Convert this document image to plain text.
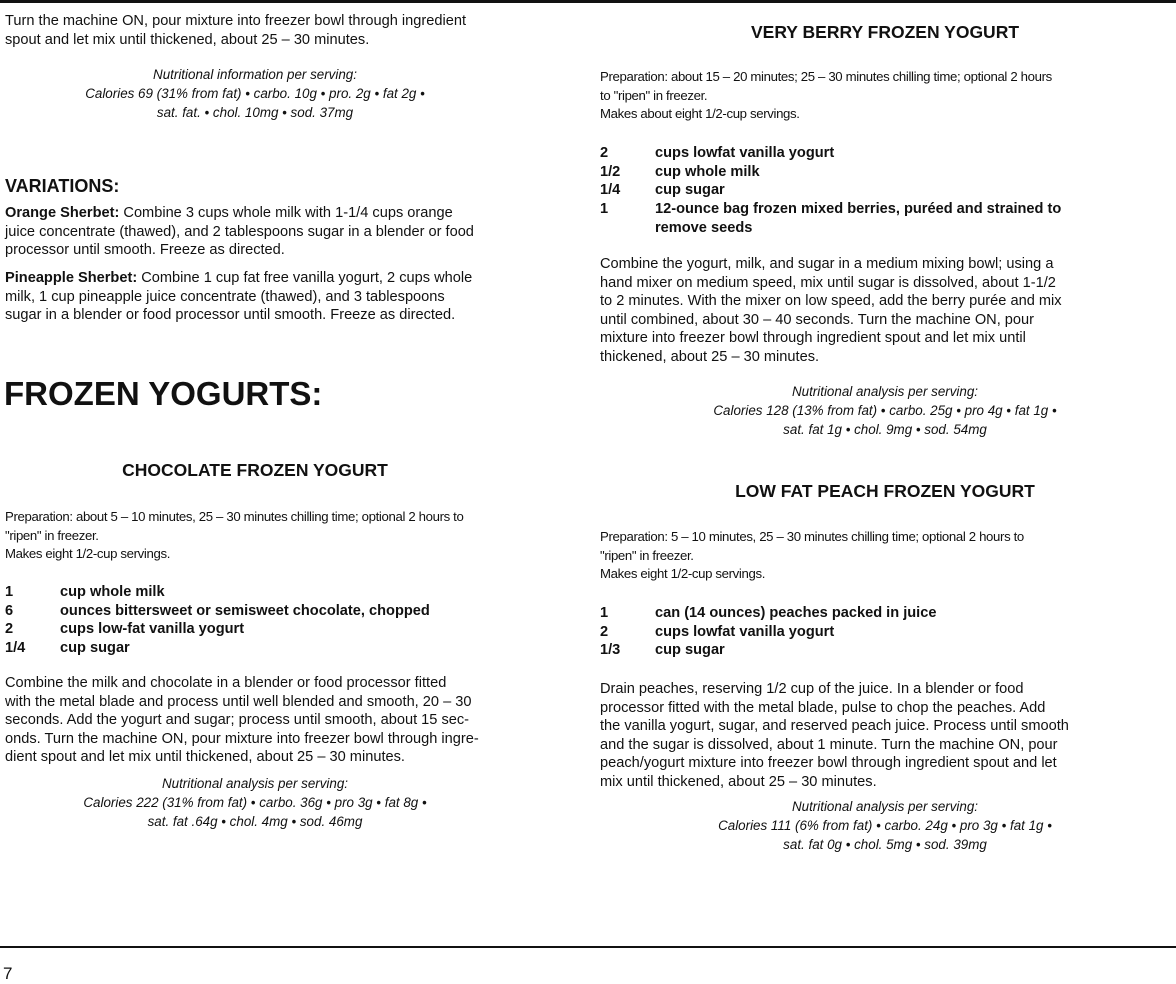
Turn the machine ON, pour mixture into freezer bowl through ingredient
spout and let mix until thickened, about 25 – 30 minutes.
Nutritional information per serving:
Calories 69 (31% from fat) • carbo. 10g • pro. 2g • fat 2g •
sat. fat. • chol. 10mg • sod. 37mg
VARIATIONS:
Orange Sherbet: Combine 3 cups whole milk with 1-1/4 cups orange
juice concentrate (thawed), and 2 tablespoons sugar in a blender or food
processor until smooth. Freeze as directed.
Pineapple Sherbet: Combine 1 cup fat free vanilla yogurt, 2 cups whole
milk, 1 cup pineapple juice concentrate (thawed), and 3 tablespoons
sugar in a blender or food processor until smooth. Freeze as directed.
FROZEN YOGURTS:
CHOCOLATE FROZEN YOGURT
Preparation: about 5 – 10 minutes, 25 – 30 minutes chilling time; optional 2 hours to
"ripen" in freezer.
Makes eight 1/2-cup servings.
1	cup whole milk
6	ounces bittersweet or semisweet chocolate, chopped
2	cups low-fat vanilla yogurt
1/4	cup sugar
Combine the milk and chocolate in a blender or food processor fitted
with the metal blade and process until well blended and smooth, 20 – 30
seconds. Add the yogurt and sugar; process until smooth, about 15 sec-
onds. Turn the machine ON, pour mixture into freezer bowl through ingre-
dient spout and let mix until thickened, about 25 – 30 minutes.
Nutritional analysis per serving:
Calories 222 (31% from fat) • carbo. 36g • pro 3g • fat 8g •
sat. fat .64g • chol. 4mg • sod. 46mg
VERY BERRY FROZEN YOGURT
Preparation: about 15 – 20 minutes; 25 – 30 minutes chilling time; optional 2 hours
to "ripen" in freezer.
Makes about eight 1/2-cup servings.
2	cups lowfat vanilla yogurt
1/2	cup whole milk
1/4	cup sugar
1	12-ounce bag frozen mixed berries, puréed and strained to
remove seeds
Combine the yogurt, milk, and sugar in a medium mixing bowl; using a
hand mixer on medium speed, mix until sugar is dissolved, about 1-1/2
to 2 minutes. With the mixer on low speed, add the berry purée and mix
until combined, about 30 – 40 seconds. Turn the machine ON, pour
mixture into freezer bowl through ingredient spout and let mix until
thickened, about 25 – 30 minutes.
Nutritional analysis per serving:
Calories 128 (13% from fat) • carbo. 25g • pro 4g • fat 1g •
sat. fat 1g • chol. 9mg • sod. 54mg
LOW FAT PEACH FROZEN YOGURT
Preparation: 5 – 10 minutes, 25 – 30 minutes chilling time; optional 2 hours to
"ripen" in freezer.
Makes eight 1/2-cup servings.
1	can (14 ounces) peaches packed in juice
2	cups lowfat vanilla yogurt
1/3	cup sugar
Drain peaches, reserving 1/2 cup of the juice. In a blender or food
processor fitted with the metal blade, pulse to chop the peaches. Add
the vanilla yogurt, sugar, and reserved peach juice. Process until smooth
and the sugar is dissolved, about 1 minute. Turn the machine ON, pour
peach/yogurt mixture into freezer bowl through ingredient spout and let
mix until thickened, about 25 – 30 minutes.
Nutritional analysis per serving:
Calories 111 (6% from fat) • carbo. 24g • pro 3g • fat 1g •
sat. fat 0g • chol. 5mg • sod. 39mg
7
